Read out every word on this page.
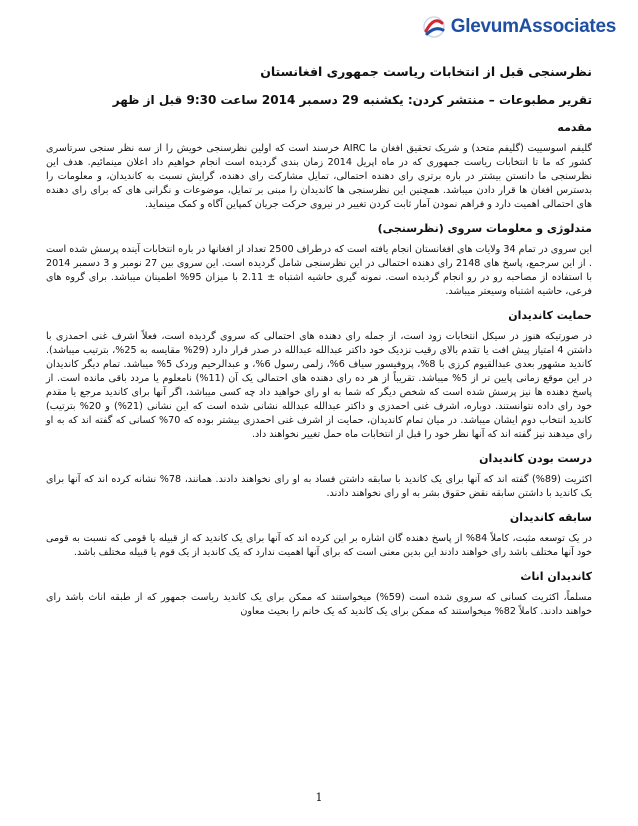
GlevumAssociates
نظرسنجی قبل از انتخابات ریاست جمهوری افغانستان
تقریر مطبوعات – منتشر کردن: یکشنبه 29 دسمبر 2014 ساعت 9:30 قبل از ظهر
مقدمه

گلیفم اسوسییت (گلیفم متحد) و شریک تحقیق افغان ما AIRC خرسند است که اولین نظرسنجی خویش را از سه نظر سنجی سرتاسری کشور که ما تا انتخابات ریاست جمهوری که در ماه اپریل 2014 زمان بندی گردیده است انجام خواهیم داد اعلان مینمائیم. هدف این نظرسنجی ما دانستن بیشتر در باره برتری رای دهنده احتمالی، تمایل مشارکت رای دهنده، گرایش نسبت به کاندیدان، و معلومات را بدسترس افغان ها قرار دادن میباشد. همچنین این نظرسنجی ها کاندیدان را مبنی بر تمایل، موضوعات و نگرانی های که برای رای دهنده های احتمالی اهمیت دارد و فراهم نمودن آمار ثابت کردن تغییر در نیروی حرکت جریان کمپاین آگاه و کمک مینماید.

متدلوژی و معلومات سروی (نظرسنجی)

این سروی در تمام 34 ولایات های افغانستان انجام یافته است که درطراف 2500 تعداد از افغانها در باره انتخابات آینده پرسش شده است . از این سرجمع، پاسخ های 2148 رای دهنده احتمالی در این نظرسنجی شامل گردیده است. این سروی بین 27 نومبر و 3 دسمبر 2014 با استفاده از مصاحبه رو در رو انجام گردیده است. نمونه گیری حاشیه اشتباه ± 2.11 با میزان 95% اطمینان میباشد. برای گروه های فرعی، حاشیه اشتباه وسیعتر میباشد.

حمایت کاندیدان

در صورتیکه هنوز در سیکل انتخابات زود است، از جمله رای دهنده های احتمالی که سروی گردیده است، فعلاً اشرف غنی احمدزی با داشتن 4 امتیاز پیش افت یا تقدم بالای رقیب نزدیک خود داکتر عبدالله عبدالله در صدر قرار دارد (29% مقایسه به 25%، بترتیب میباشد). کاندید مشهور بعدی عبدالقیوم کرزی با 8%، پروفیسور سیاف 6%، زلمی رسول 6%، و عبدالرحیم وردک 5% میباشد. تمام دیگر کاندیدان در این موقع زمانی پایین تر از 5% میباشد. تقریباً از هر ده رای دهنده های احتمالی یک آن (11%) نامعلوم یا مردد باقی مانده است. از پاسخ دهنده ها نیز پرسش شده است که شخص دیگر که شما به او رای خواهید داد چه کسی میباشد، اگر آنها برای کاندید مرجع یا مقدم خود رای داده نتوانستند. دوباره، اشرف غنی احمدزی و داکتر عبدالله عبدالله نشانی شده است که این نشانی (21%) و 20% بترتیب) کاندید انتخاب دوم ایشان میباشد. در میان تمام کاندیدان، حمایت از اشرف غنی احمدزی بیشتر بوده که 70% کسانی که گفته اند که به او رای میدهند نیز گفته اند که آنها نظر خود را قبل از انتخابات ماه حمل تغییر نخواهند داد.

درست بودن کاندیدان

اکثریت (89%) گفته اند که آنها برای یک کاندید با سابقه داشتن فساد به او رای نخواهند دادند. همانند، 78% نشانه کرده اند که آنها برای یک کاندید با داشتن سابقه نقض حقوق بشر به او رای نخواهند دادند.

سابقه کاندیدان

در یک توسعه مثبت، کاملاً 84% از پاسخ دهنده گان اشاره بر این کرده اند که آنها برای یک کاندید که از قبیله یا قومی که نسبت به قومی خود آنها مختلف باشد رای خواهند دادند این بدین معنی است که برای آنها اهمیت ندارد که یک کاندید از یک قوم یا قبیله مختلف باشد.

کاندیدان اناث

مسلماً، اکثریت کسانی که سروی شده است (59%) میخواستند که ممکن برای یک کاندید ریاست جمهور که از طبقه اناث باشد رای خواهند دادند. کاملاً 82% میخواستند که ممکن برای یک کاندید که یک خانم را بحیث معاون

1
